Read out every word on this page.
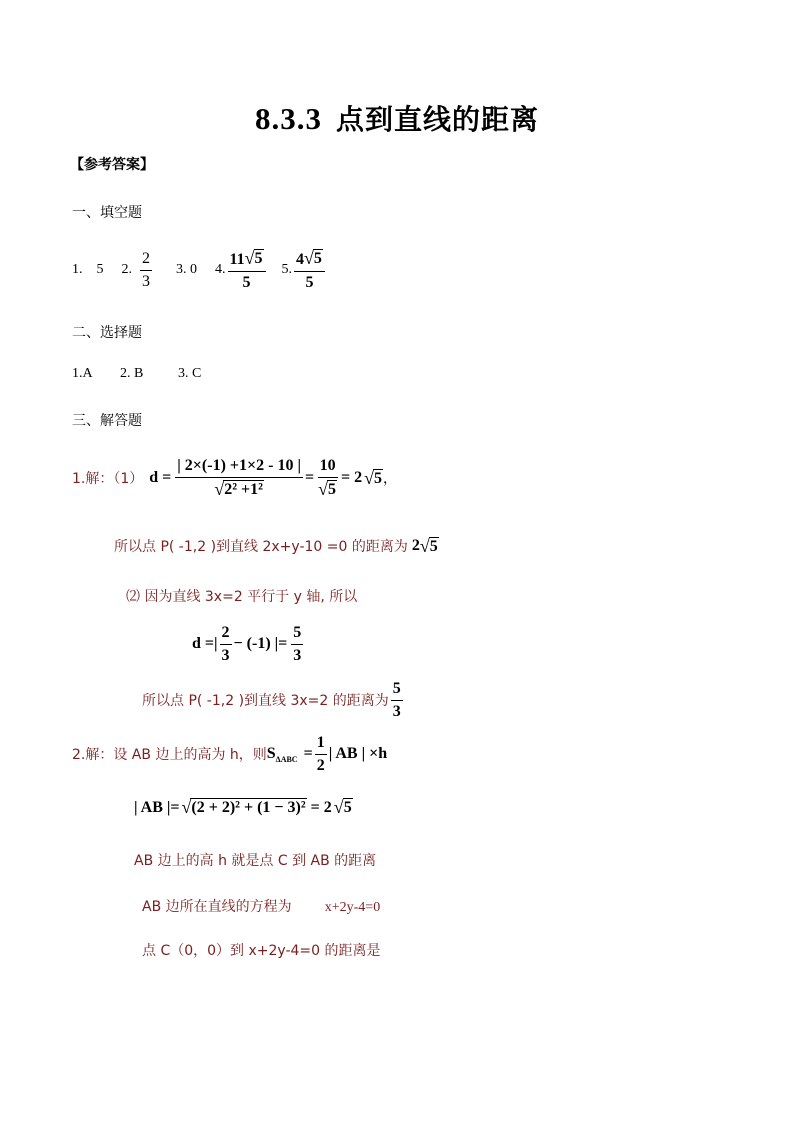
8.3.3 点到直线的距离
【参考答案】
一、填空题
1. 5 2. $\frac{2}{3} 3$. 0 4. $\frac{11 √ 5}{5} 5$. $\frac{4 √ 5}{5}$
二、选择题
1.A 2. B 3. C
三、解答题
1.解：（1） $d = \frac{| 2\times(-1) +1\times 2 - 10 |}{\text{√ 2² +1²}} = \frac{10}{√ 5} = 2$ √ 5 ，
所以点 P( -1,2 )到直线 2x+y-10 =0 的距离为 2 √ 5
⑵ 因为直线 3x=2 平行于 y 轴, 所以
d =| $\frac{2}{3} - (-1)$ |= $\frac{5}{3}$
所以点 P( -1,2 )到直线 3x=2 的距离为 $\frac{5}{3}$
2.解：设 AB 边上的高为 h，则 $S_{\Delta ABC} = \frac{1}{2}$ | AB | ×h
| AB |= √ (2 + 2)² + (1 − 3)² = 2 √ 5
AB 边上的高 h 就是点 C 到 AB 的距离
AB 边所在直线的方程为 x+2y-4=0
点 C（0，0）到 x+2y-4=0 的距离是
